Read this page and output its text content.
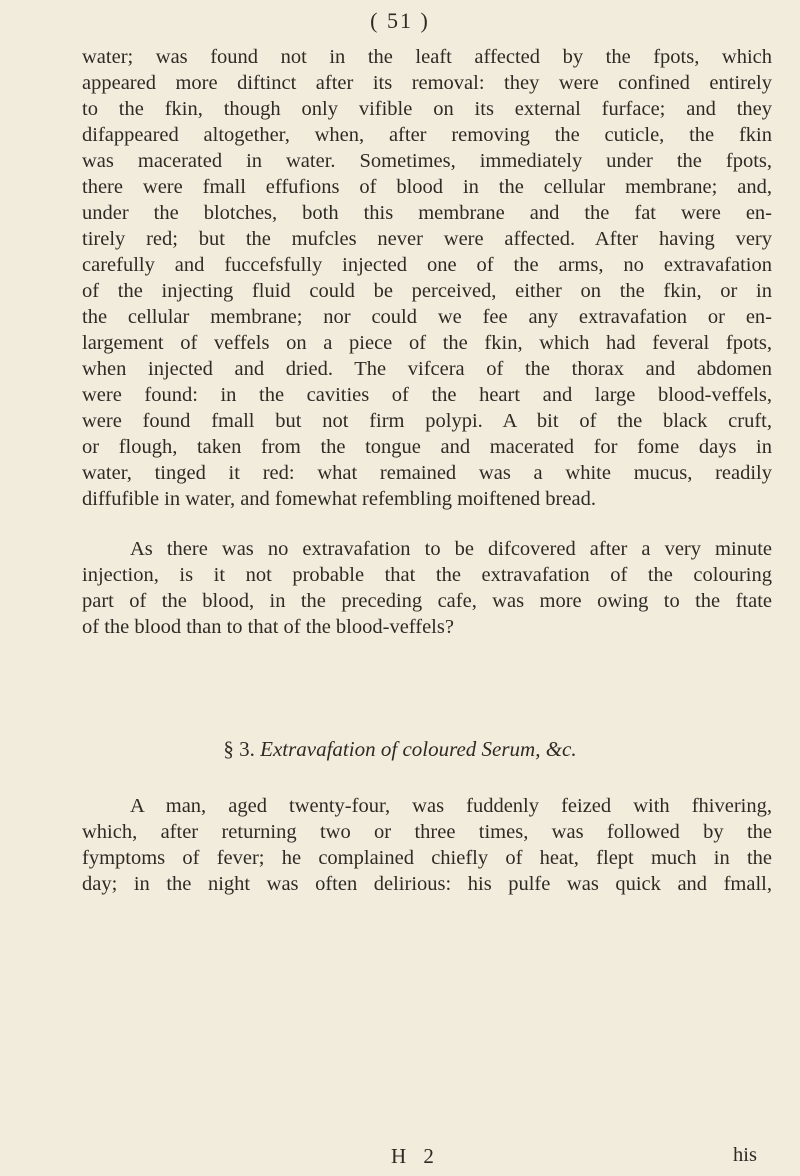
( 51 )
water; was found not in the leaft affected by the fpots, which
appeared more diftinct after its removal: they were confined entirely
to the fkin, though only vifible on its external furface; and they
difappeared altogether, when, after removing the cuticle, the fkin
was macerated in water. Sometimes, immediately under the fpots,
there were fmall effufions of blood in the cellular membrane; and,
under the blotches, both this membrane and the fat were en-
tirely red; but the mufcles never were affected. After having very
carefully and fuccefsfully injected one of the arms, no extravafation
of the injecting fluid could be perceived, either on the fkin, or in
the cellular membrane; nor could we fee any extravafation or en-
largement of veffels on a piece of the fkin, which had feveral fpots,
when injected and dried. The vifcera of the thorax and abdomen
were found: in the cavities of the heart and large blood-veffels,
were found fmall but not firm polypi. A bit of the black cruft,
or flough, taken from the tongue and macerated for fome days in
water, tinged it red: what remained was a white mucus, readily
diffufible in water, and fomewhat refembling moiftened bread.
As there was no extravafation to be difcovered after a very minute
injection, is it not probable that the extravafation of the colouring
part of the blood, in the preceding cafe, was more owing to the ftate
of the blood than to that of the blood-veffels?
§ 3. Extravafation of coloured Serum, &c.
A man, aged twenty-four, was fuddenly feized with fhivering,
which, after returning two or three times, was followed by the
fymptoms of fever; he complained chiefly of heat, flept much in the
day; in the night was often delirious: his pulfe was quick and fmall,
H 2	his
